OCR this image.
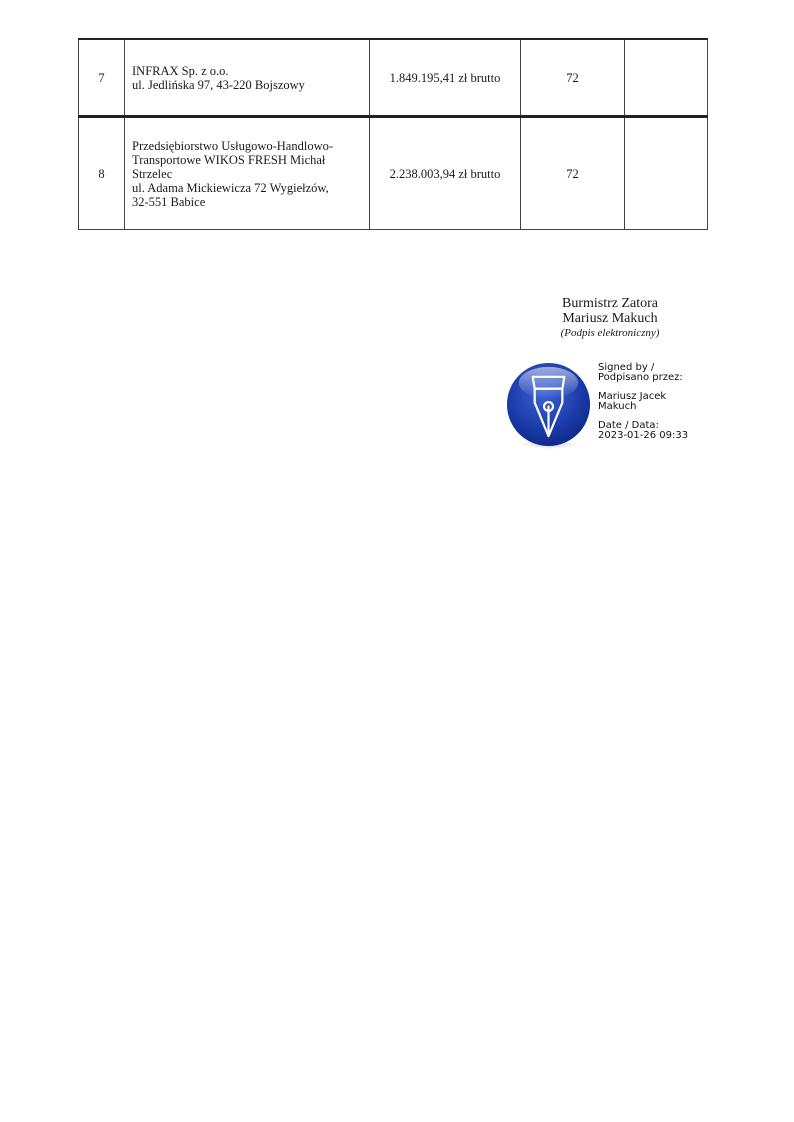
7	INFRAX Sp. z o.o.
ul. Jedlińska 97, 43-220 Bojszowy	1.849.195,41 zł brutto	72	
8	Przedsiębiorstwo Usługowo-Handlowo-
Transportowe WIKOS FRESH Michał
Strzelec
ul. Adama Mickiewicza 72 Wygiełzów,
32-551 Babice	2.238.003,94 zł brutto	72	
Burmistrz Zatora
Mariusz Makuch
(Podpis elektroniczny)
Signed by /
Podpisano przez:
Mariusz Jacek
Makuch
Date / Data:
2023-01-26 09:33
